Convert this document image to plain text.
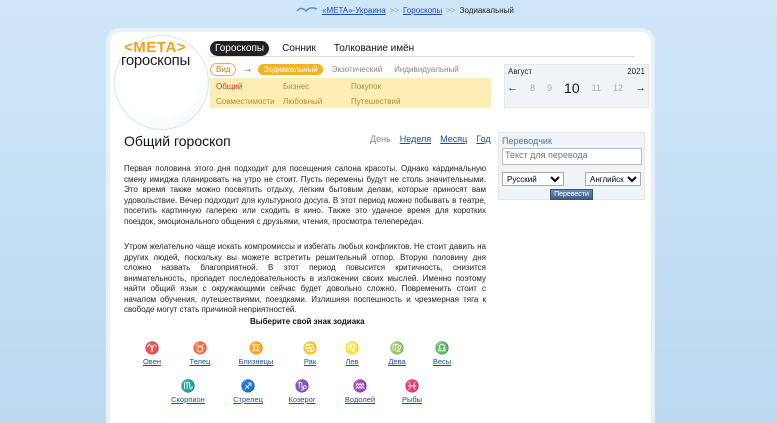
«META»-Украина >> Гороскопы >> Зодиакальный
<МЕТА>
гороскопы
Гороскопы	Сонник	Толкование имён
Вид	→	Зодиакальный	Экзотический	Индивидуальный
Общий	Бизнес	Покупок
Совместимости	Любовный	Путешествий
Август	2021
← 8 9 10 11 12 →
Общий гороскоп	День Неделя Месяц Год

Первая половина этого дня подходит для посещения салона красоты. Однако кардинальную смену имиджа планировать на утро не стоит. Пусть перемены будут не столь значительными. Это время также можно посвятить отдыху, легким бытовым делам, которые приносят вам удовольствие. Вечер подходит для культурного досуга. В этот период можно побывать в театре, посетить картинную галерею или сходить в кино. Также это удачное время для коротких поездок, эмоционального общения с друзьями, чтения, просмотра телепередач.

Утром желательно чаще искать компромиссы и избегать любых конфликтов. Не стоит давить на других людей, поскольку вы можете встретить решительный отпор. Вторую половину дня сложно назвать благоприятной. В этот период повысится критичность, снизится внимательность, пропадет последовательность в изложении своих мыслей. Именно поэтому найти общий язык с окружающими сейчас будет довольно сложно. Повременить стоит с началом обучения, путешествиями, поездками. Излишняя поспешность и чрезмерная тяга к свободе могут стать причиной неприятностей.

Выберите свой знак зодиака
♈
Овен
♉
Телец
♊
Близнецы
♋
Рак
♌
Лев
♍
Дева
♎
Весы
♏
Скорпион
♐
Стрелец
♑
Козерог
♒
Водолей
♓
Рыбы
Переводчик
Текст для перевода
Русский
Английский
Перевести
